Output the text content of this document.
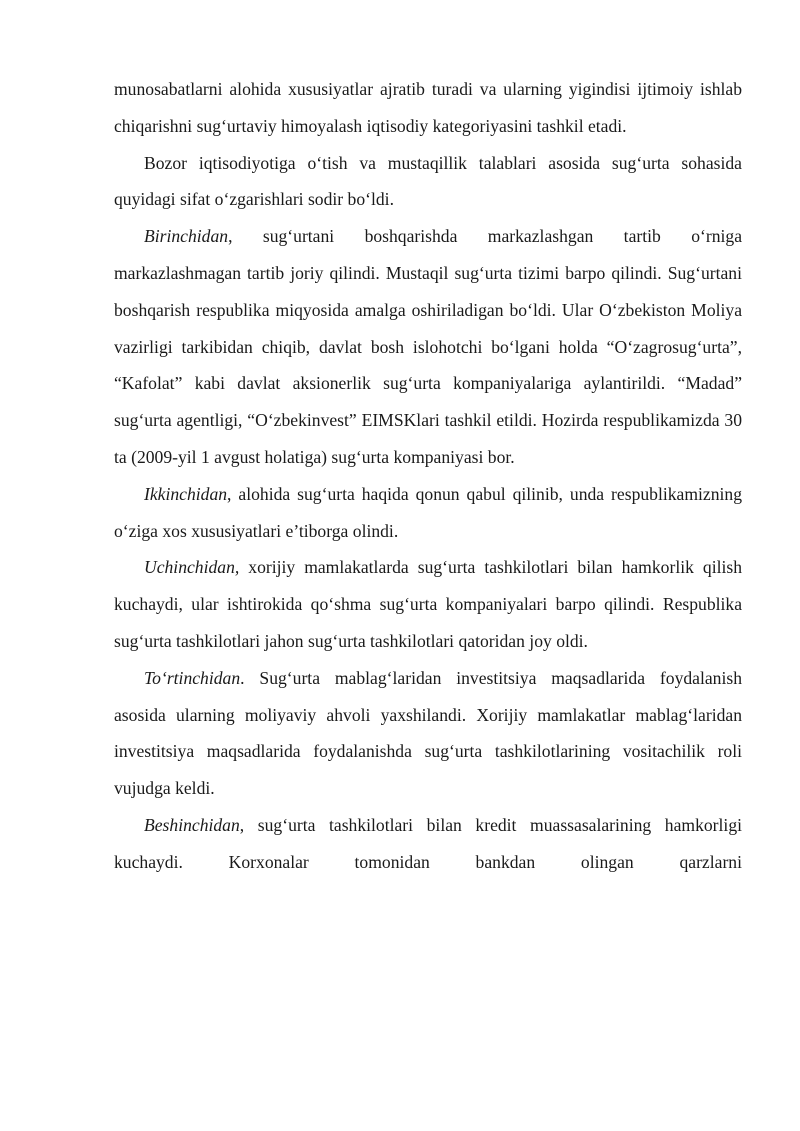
munosabatlarni alohida xususiyatlar ajratib turadi va ularning yigindisi ijtimoiy ishlab chiqarishni sug‘urtaviy himoyalash iqtisodiy kategoriyasini tashkil etadi.

Bozor iqtisodiyotiga o‘tish va mustaqillik talablari asosida sug‘urta sohasida quyidagi sifat o‘zgarishlari sodir bo‘ldi.

Birinchidan, sug‘urtani boshqarishda markazlashgan tartib o‘rniga markazlashmagan tartib joriy qilindi. Mustaqil sug‘urta tizimi barpo qilindi. Sug‘urtani boshqarish respublika miqyosida amalga oshiriladigan bo‘ldi. Ular O‘zbekiston Moliya vazirligi tarkibidan chiqib, davlat bosh islohotchi bo‘lgani holda “O‘zagrosug‘urta”, “Kafolat” kabi davlat aksionerlik sug‘urta kompaniyalariga aylantirildi. “Madad” sug‘urta agentligi, “O‘zbekinvest” EIMSKlari tashkil etildi. Hozirda respublikamizda 30 ta (2009-yil 1 avgust holatiga) sug‘urta kompaniyasi bor.

Ikkinchidan, alohida sug‘urta haqida qonun qabul qilinib, unda respublikamizning o‘ziga xos xususiyatlari e’tiborga olindi.

Uchinchidan, xorijiy mamlakatlarda sug‘urta tashkilotlari bilan hamkorlik qilish kuchaydi, ular ishtirokida qo‘shma sug‘urta kompaniyalari barpo qilindi. Respublika sug‘urta tashkilotlari jahon sug‘urta tashkilotlari qatoridan joy oldi.

To‘rtinchidan. Sug‘urta mablag‘laridan investitsiya maqsadlarida foydalanish asosida ularning moliyaviy ahvoli yaxshilandi. Xorijiy mamlakatlar mablag‘laridan investitsiya maqsadlarida foydalanishda sug‘urta tashkilotlarining vositachilik roli vujudga keldi.

Beshinchidan, sug‘urta tashkilotlari bilan kredit muassasalarining hamkorligi kuchaydi. Korxonalar tomonidan bankdan olingan qarzlarni
